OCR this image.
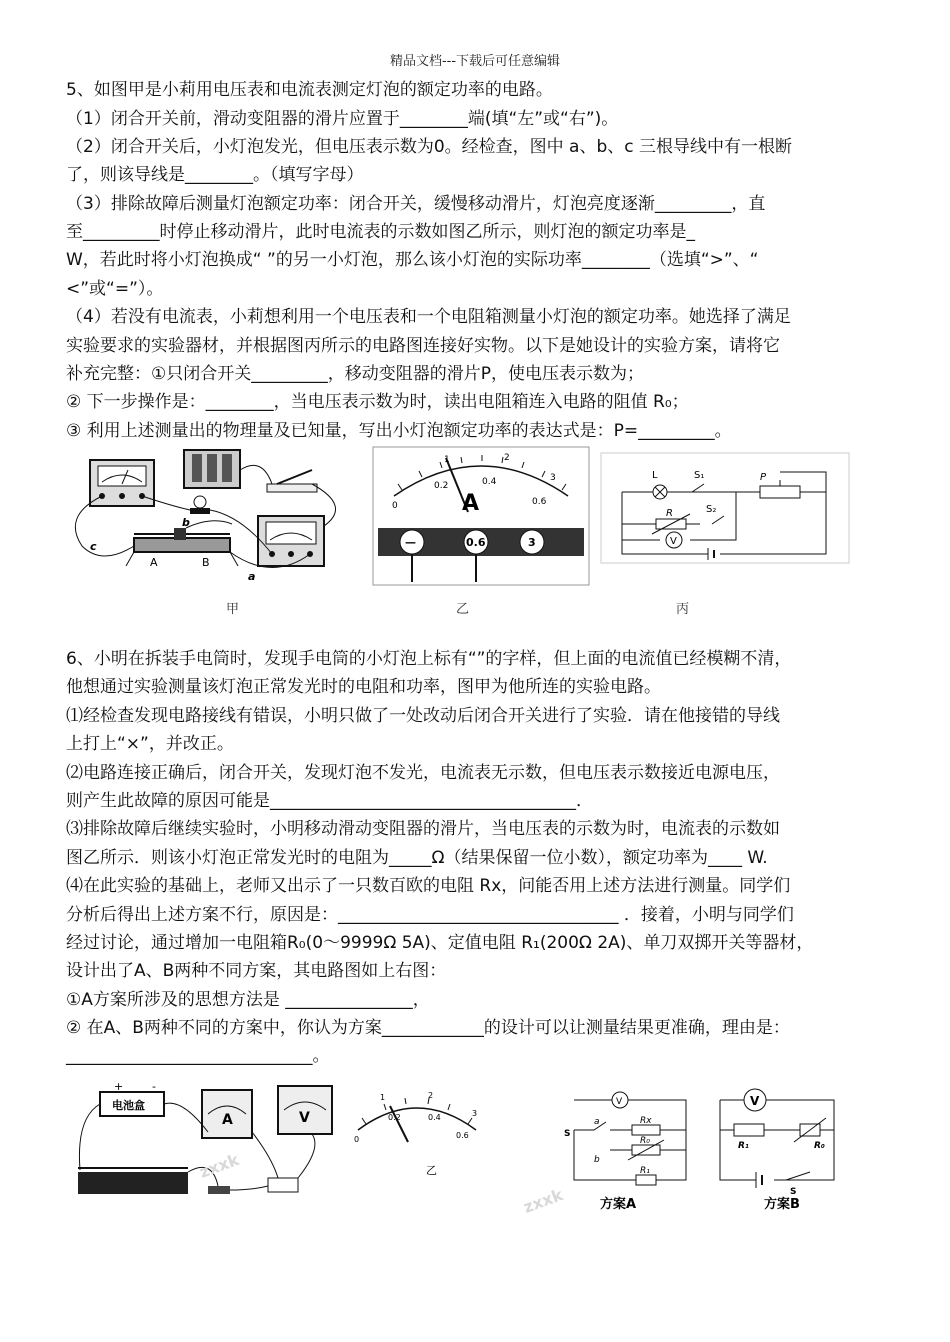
精品文档---下载后可任意编辑
5、如图甲是小莉用电压表和电流表测定灯泡的额定功率的电路。
（1）闭合开关前，滑动变阻器的滑片应置于________端(填“左”或“右”)。
（2）闭合开关后，小灯泡发光，但电压表示数为0。经检查，图中 a、b、c 三根导线中有一根断
了，则该导线是________。（填写字母）
（3）排除故障后测量灯泡额定功率：闭合开关，缓慢移动滑片，灯泡亮度逐渐_________，直
至_________时停止移动滑片，此时电流表的示数如图乙所示，则灯泡的额定功率是_
W，若此时将小灯泡换成“ ”的另一小灯泡，那么该小灯泡的实际功率________（选填“>”、“
<”或“=”）。
（4）若没有电流表，小莉想利用一个电压表和一个电阻箱测量小灯泡的额定功率。她选择了满足
实验要求的实验器材，并根据图丙所示的电路图连接好实物。以下是她设计的实验方案，请将它
补充完整：①只闭合开关_________，移动变阻器的滑片P，使电压表示数为；
② 下一步操作是：________，当电压表示数为时，读出电阻箱连入电路的阻值 R₀；
③ 利用上述测量出的物理量及已知量，写出小灯泡额定功率的表达式是：P=_________。
c
b
a
A	B
A
0
0.2	0.4
0.6
1	2
3
—	0.6	3
L	S₁
S₂
P
R
V
甲	乙	丙
6、小明在拆装手电筒时，发现手电筒的小灯泡上标有“”的字样，但上面的电流值已经模糊不清，
他想通过实验测量该灯泡正常发光时的电阻和功率，图甲为他所连的实验电路。
⑴经检查发现电路接线有错误，小明只做了一处改动后闭合开关进行了实验．请在他接错的导线
上打上“×”，并改正。
⑵电路连接正确后，闭合开关，发现灯泡不发光，电流表无示数，但电压表示数接近电源电压，
则产生此故障的原因可能是____________________________________．
⑶排除故障后继续实验时，小明移动滑动变阻器的滑片，当电压表的示数为时，电流表的示数如
图乙所示．则该小灯泡正常发光时的电阻为_____Ω（结果保留一位小数），额定功率为____ W.
⑷在此实验的基础上，老师又出示了一只数百欧的电阻 Rx，问能否用上述方法进行测量。同学们
分析后得出上述方案不行，原因是：_________________________________ ．接着，小明与同学们
经过讨论，通过增加一电阻箱R₀(0～9999Ω 5A)、定值电阻 R₁(200Ω 2A)、单刀双掷开关等器材，
设计出了A、B两种不同方案，其电路图如上右图：
①A方案所涉及的思想方法是 _______________，
② 在A、B两种不同的方案中，你认为方案____________的设计可以让测量结果更准确，理由是：
_____________________________。
电池盒
+	-
A	V
zxxk
0
0.2	0.4
0.6
1	2
3
乙
V
S
a
b
Rx
R₀
R₁
方案A
zxxk
V
R₁	R₀
S
方案B
